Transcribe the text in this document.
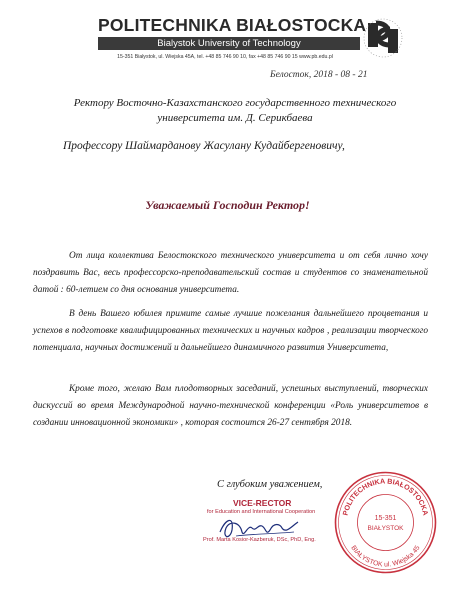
POLITECHNIKA BIAŁOSTOCKA
Bialystok University of Technology
15-351 Białystok, ul. Wiejska 45A, tel. +48 85 746 90 10, fax +48 85 746 90 15 www.pb.edu.pl
Белосток, 2018 - 08 - 21

Ректору Восточно-Казахстанского государственного технического

университета им. Д. Серикбаева

Профессору Шаймарданову Жасулану Кудайбергеновичу,
Уважаемый Господин Ректор!

От лица коллектива Белостокского технического университета и от себя лично хочу поздравить Вас, весь профессорско-преподавательский состав и студентов со знаменательной датой : 60-летием со дня основания университета.

В день Вашего юбилея примите самые лучшие пожелания дальнейшего процветания и успехов в подготовке квалифицированных технических и научных кадров , реализации творческого потенциала, научных достижений и дальнейшего динамичного развития Университета,

Кроме того, желаю Вам плодотворных заседаний, успешных выступлений, творческих дискуссий во время Международной научно-технической конференции «Роль университетов в создании инновационной экономики» , которая состоится 26-27 сентября 2018.

С глубоким уважением,
VICE-RECTOR
for Education and International Cooperation
Prof. Marta Kosior-Kazberuk, DSc, PhD, Eng.
POLITECHNIKA BIAŁOSTOCKA
BIAŁYSTOK ul. Wiejska 45
15-351
BIAŁYSTOK
